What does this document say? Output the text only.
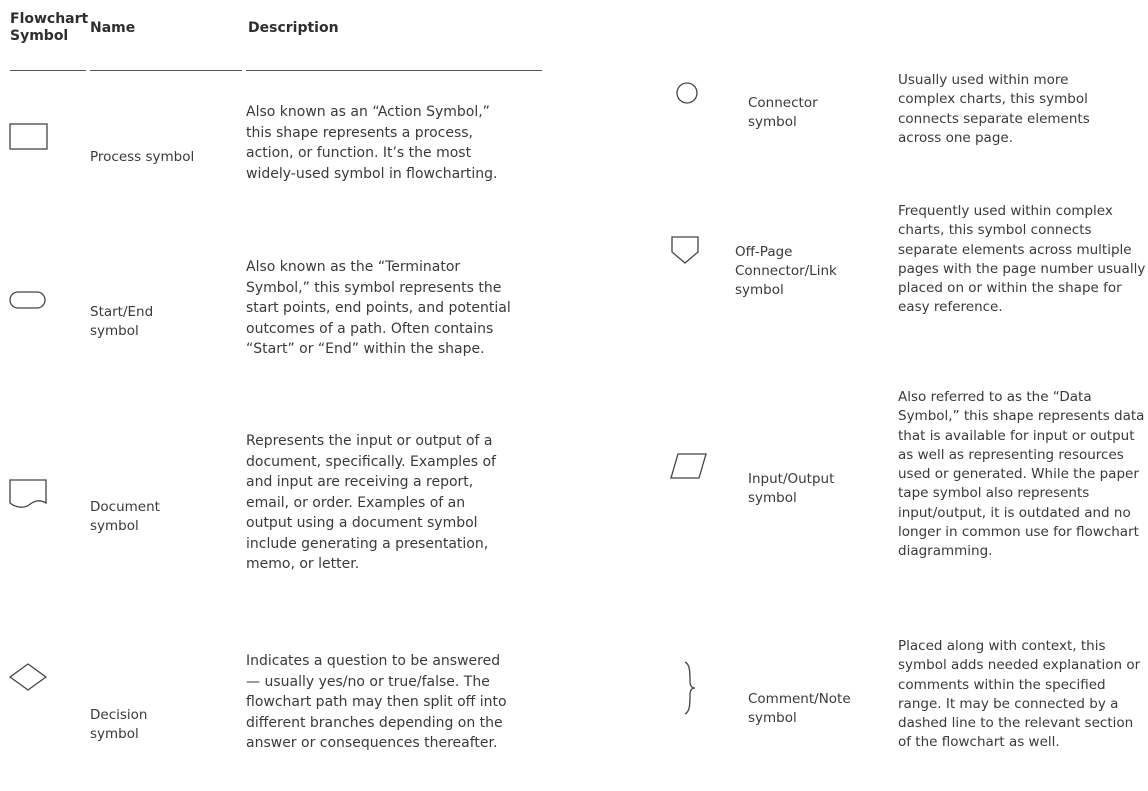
Flowchart
Symbol	Name	Description
Process symbol
Also known as an “Action Symbol,” this shape represents a process, action, or function. It’s the most widely-used symbol in flowcharting.
Start/End symbol
Also known as the “Terminator Symbol,” this symbol represents the start points, end points, and potential outcomes of a path. Often contains “Start” or “End” within the shape.
Document symbol
Represents the input or output of a document, specifically. Examples of and input are receiving a report, email, or order. Examples of an output using a document symbol include generating a presentation, memo, or letter.
Decision symbol
Indicates a question to be answered — usually yes/no or true/false. The flowchart path may then split off into different branches depending on the answer or consequences thereafter.
Connector symbol
Usually used within more complex charts, this symbol connects separate elements across one page.
Off-Page Connector/Link symbol
Frequently used within complex charts, this symbol connects separate elements across multiple pages with the page number usually placed on or within the shape for easy reference.
Input/Output symbol
Also referred to as the “Data Symbol,” this shape represents data that is available for input or output as well as representing resources used or generated. While the paper tape symbol also represents input/output, it is outdated and no longer in common use for flowchart diagramming.
Comment/Note symbol
Placed along with context, this symbol adds needed explanation or comments within the specified range. It may be connected by a dashed line to the relevant section of the flowchart as well.
